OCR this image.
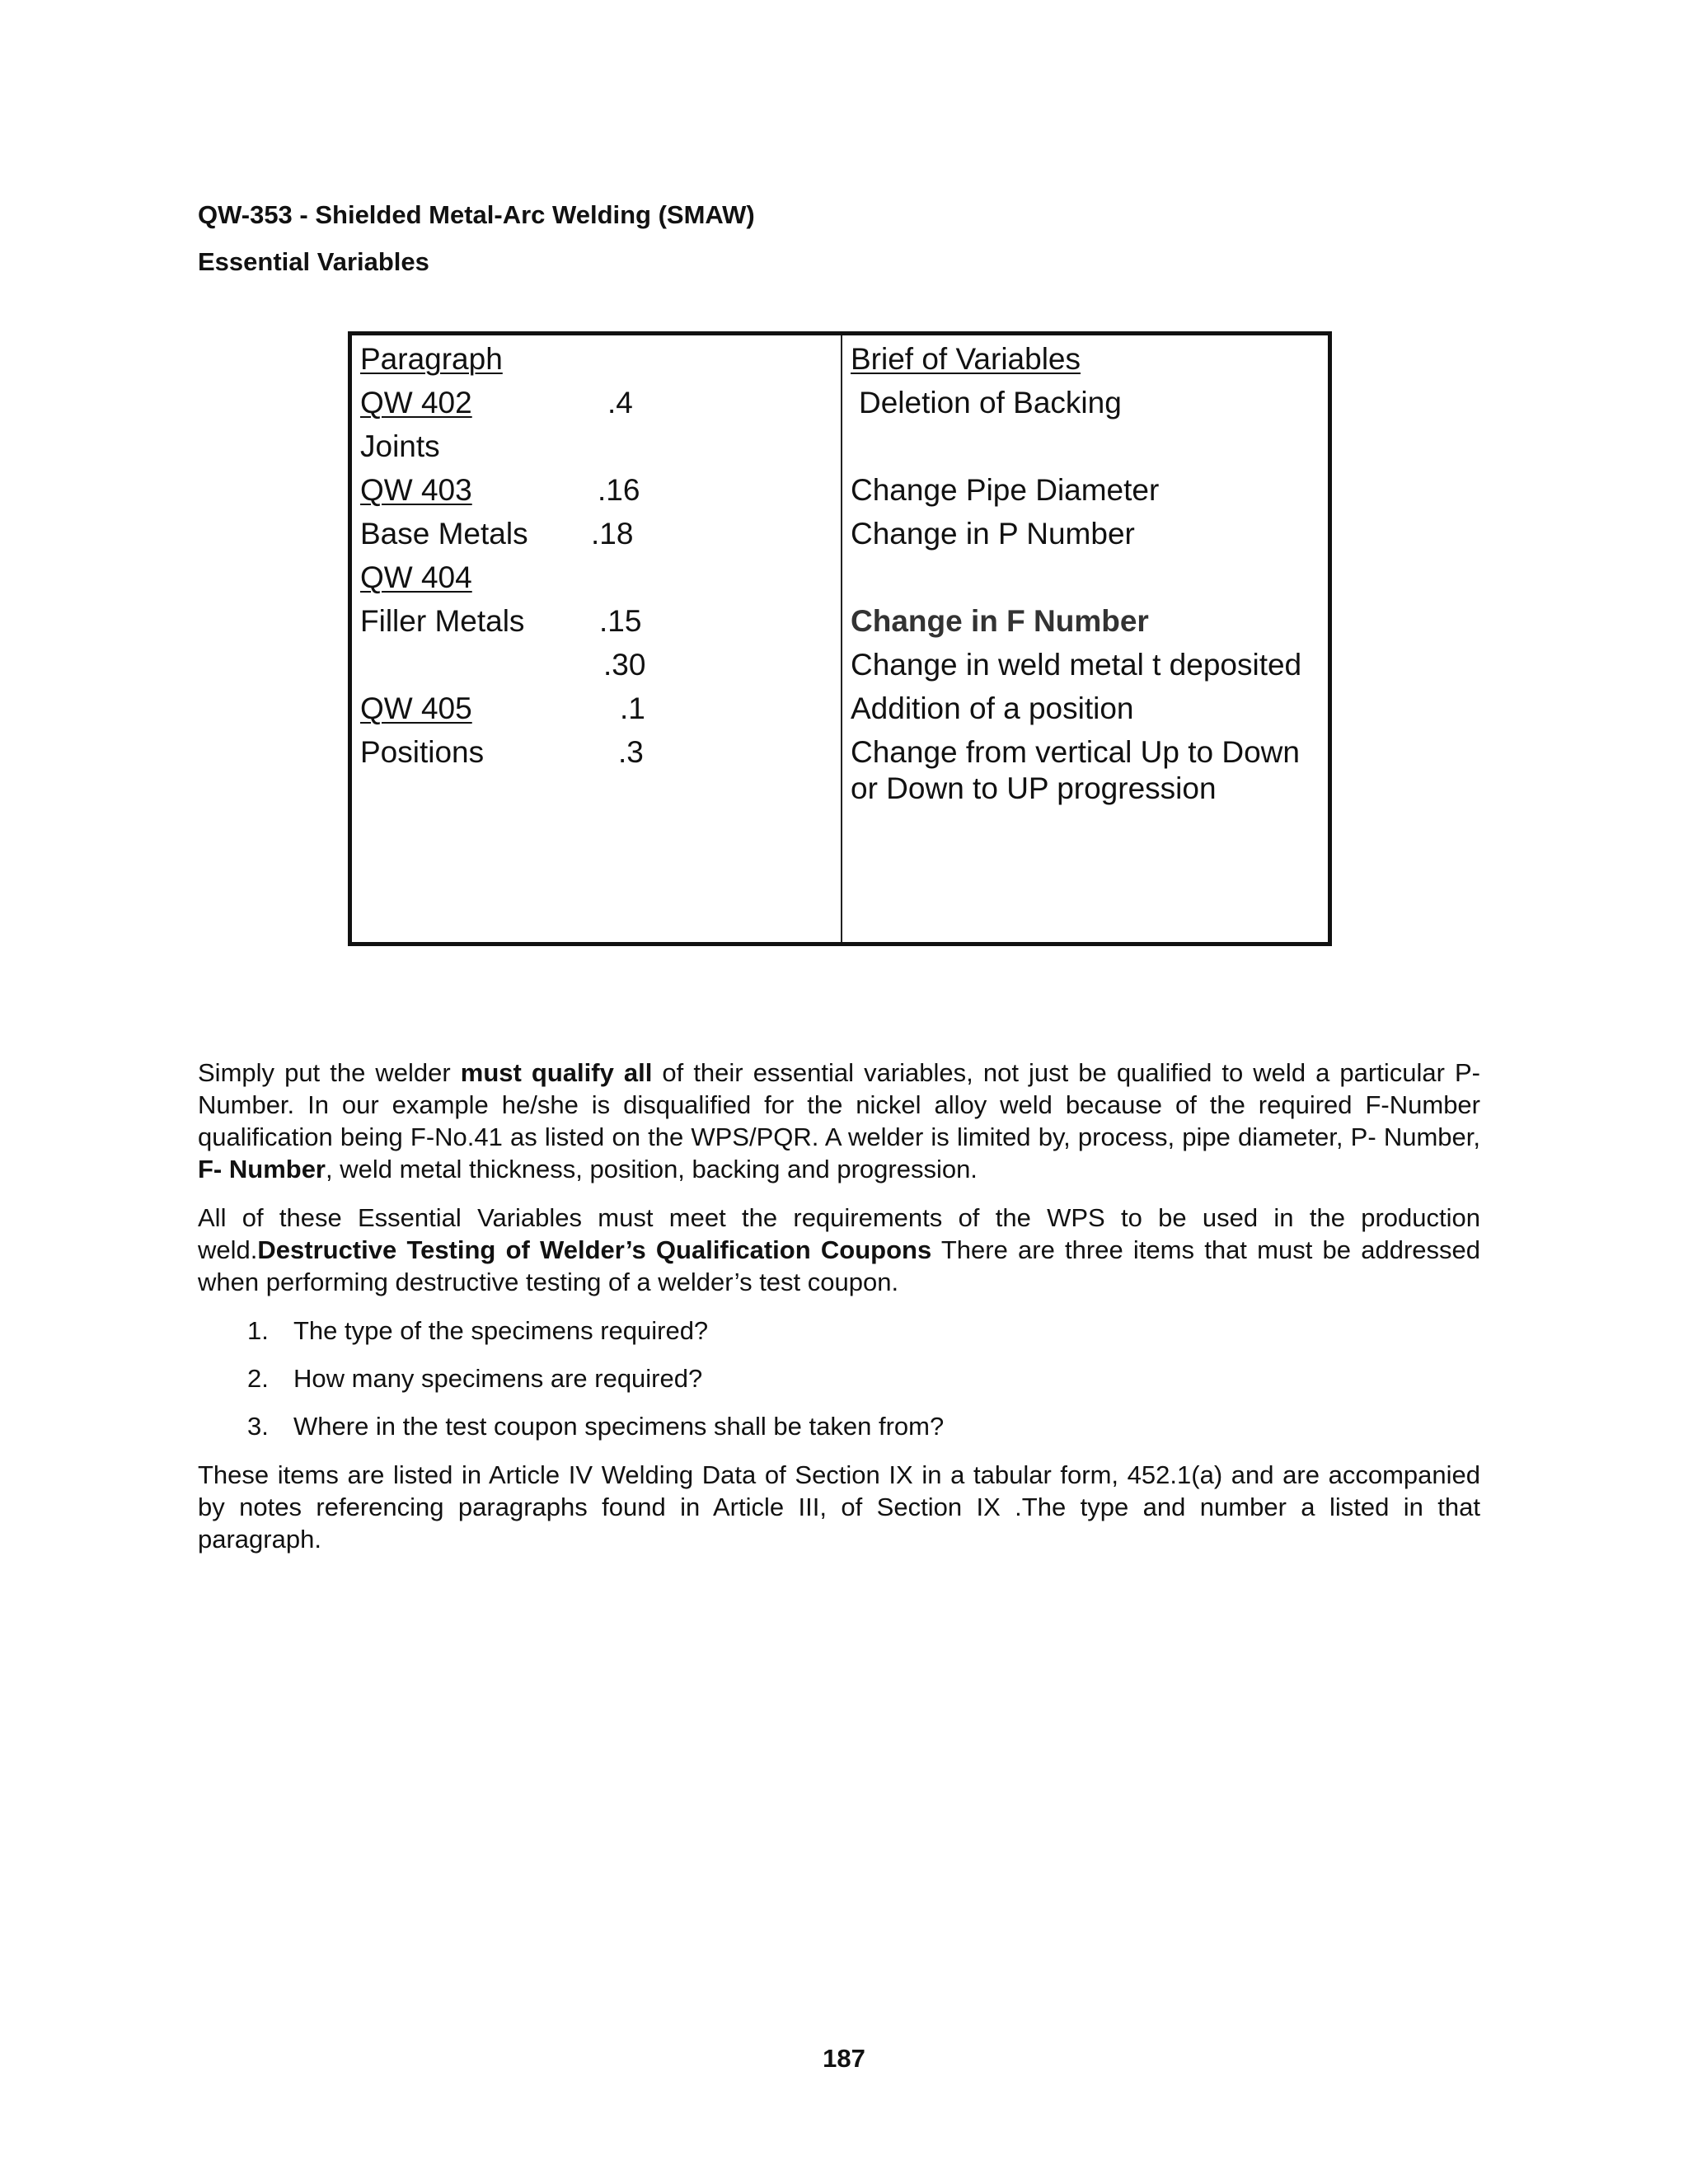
QW-353 - Shielded Metal-Arc Welding (SMAW)
Essential Variables
Paragraph	Brief of Variables
QW 402	.4	Deletion of Backing
Joints
QW 403	.16	Change Pipe Diameter
Base Metals .18	Change in P Number
QW 404
Filler Metals .15	Change in F Number
.30	Change in weld metal t deposited
QW 405	.1	Addition of a position
Positions	.3	Change from vertical Up to Down
or Down to UP progression

Simply put the welder must qualify all of their essential variables, not just be qualified to weld a particular P-Number. In our example he/she is disqualified for the nickel alloy weld because of the required F-Number qualification being F-No.41 as listed on the WPS/PQR. A welder is limited by, process, pipe diameter, P- Number, F- Number, weld metal thickness, position, backing and progression.

All of these Essential Variables must meet the requirements of the WPS to be used in the production weld.Destructive Testing of Welder’s Qualification Coupons There are three items that must be addressed when performing destructive testing of a welder’s test coupon.

1. The type of the specimens required?
2. How many specimens are required?
3. Where in the test coupon specimens shall be taken from?

These items are listed in Article IV Welding Data of Section IX in a tabular form, 452.1(a) and are accompanied by notes referencing paragraphs found in Article III, of Section IX .The type and number a listed in that paragraph.

187
